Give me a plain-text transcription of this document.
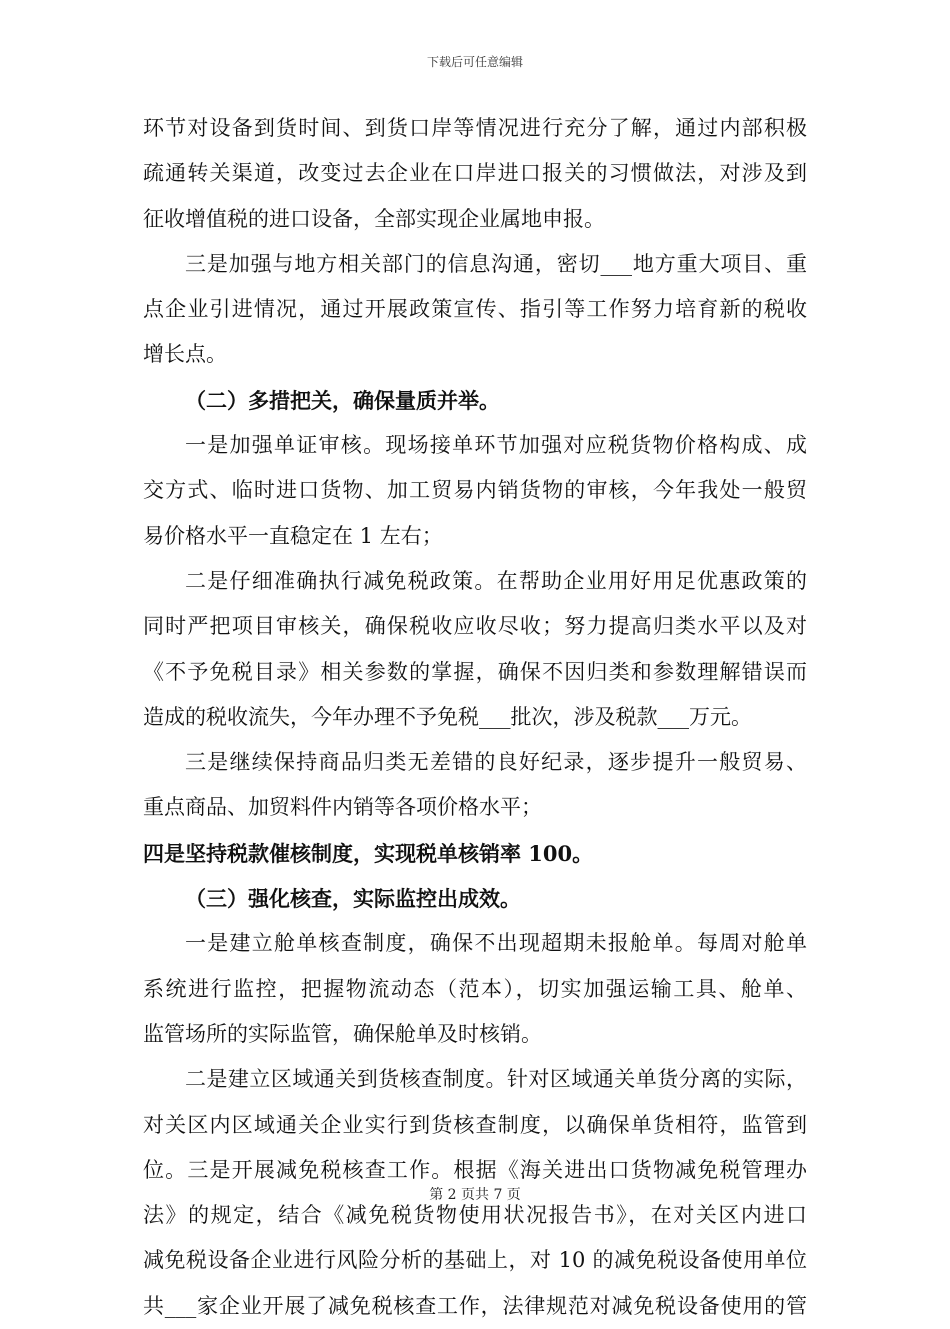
下载后可任意编辑
环节对设备到货时间、到货口岸等情况进行充分了解，通过内部积极
疏通转关渠道，改变过去企业在口岸进口报关的习惯做法，对涉及到
征收增值税的进口设备，全部实现企业属地申报。
三是加强与地方相关部门的信息沟通，密切___地方重大项目、重
点企业引进情况，通过开展政策宣传、指引等工作努力培育新的税收
增长点。
（二）多措把关，确保量质并举。
一是加强单证审核。现场接单环节加强对应税货物价格构成、成
交方式、临时进口货物、加工贸易内销货物的审核，今年我处一般贸
易价格水平一直稳定在 1 左右；
二是仔细准确执行减免税政策。在帮助企业用好用足优惠政策的
同时严把项目审核关，确保税收应收尽收；努力提高归类水平以及对
《不予免税目录》相关参数的掌握，确保不因归类和参数理解错误而
造成的税收流失，今年办理不予免税___批次，涉及税款___万元。
三是继续保持商品归类无差错的良好纪录，逐步提升一般贸易、
重点商品、加贸料件内销等各项价格水平；
四是坚持税款催核制度，实现税单核销率 100。
（三）强化核查，实际监控出成效。
一是建立舱单核查制度，确保不出现超期未报舱单。每周对舱单
系统进行监控，把握物流动态（范本），切实加强运输工具、舱单、
监管场所的实际监管，确保舱单及时核销。
二是建立区域通关到货核查制度。针对区域通关单货分离的实际，
对关区内区域通关企业实行到货核查制度，以确保单货相符，监管到
位。三是开展减免税核查工作。根据《海关进出口货物减免税管理办
法》的规定，结合《减免税货物使用状况报告书》，在对关区内进口
减免税设备企业进行风险分析的基础上，对 10 的减免税设备使用单位
共___家企业开展了减免税核查工作，法律规范对减免税设备使用的管
第 2 页共 7 页
